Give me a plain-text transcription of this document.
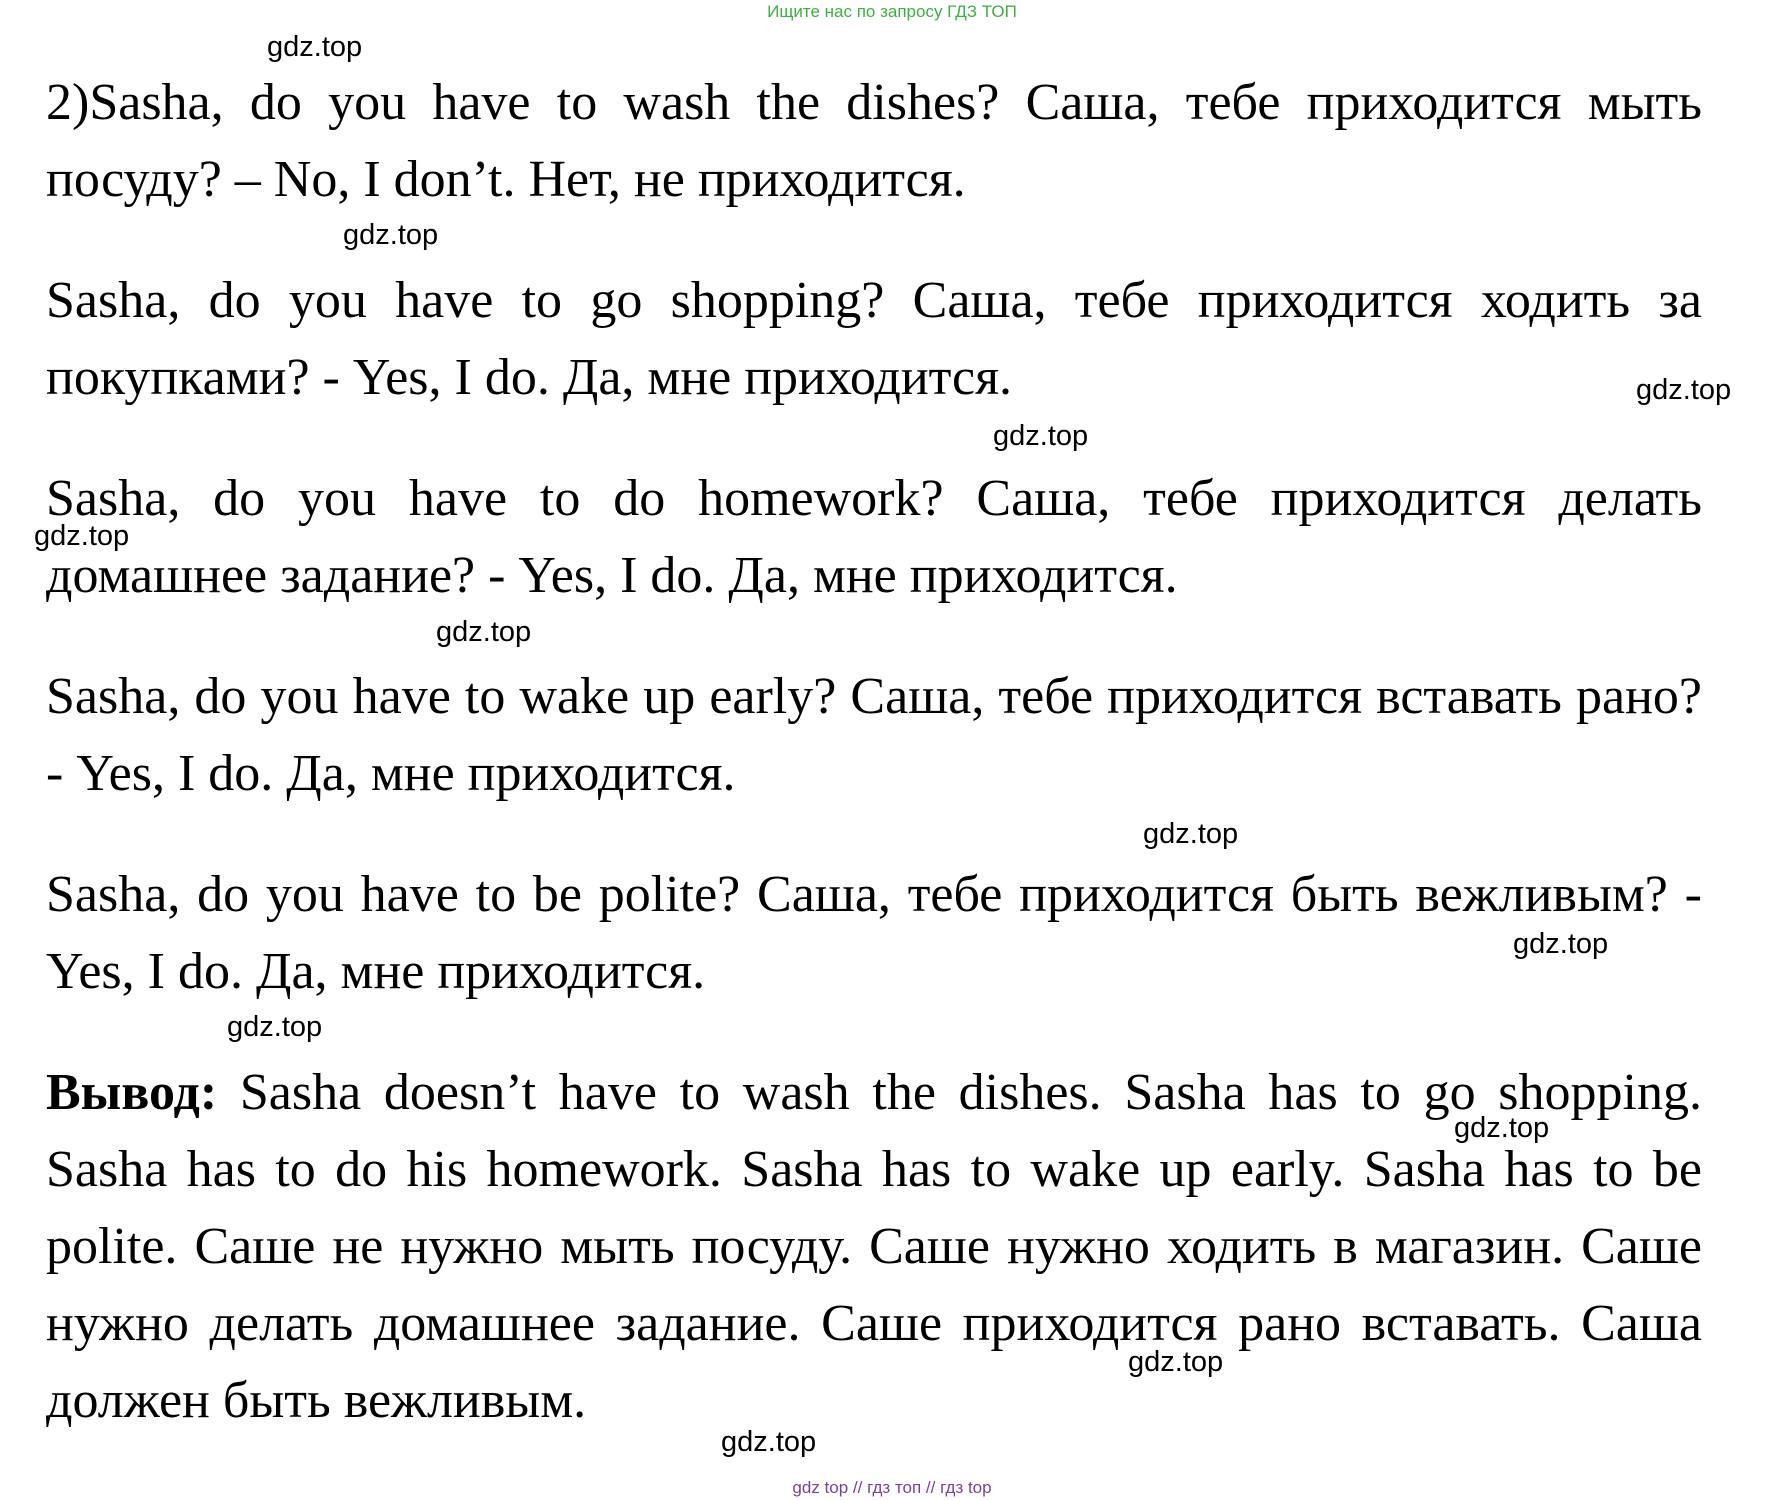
Ищите нас по запросу ГДЗ ТОП

2)Sasha, do you have to wash the dishes? Саша, тебе приходится мыть посуду? – No, I don’t. Нет, не приходится.

Sasha, do you have to go shopping? Саша, тебе приходится ходить за покупками? - Yes, I do. Да, мне приходится.

Sasha, do you have to do homework? Саша, тебе приходится делать домашнее задание? - Yes, I do. Да, мне приходится.

Sasha, do you have to wake up early? Саша, тебе приходится вставать рано? - Yes, I do. Да, мне приходится.

Sasha, do you have to be polite? Саша, тебе приходится быть вежливым? - Yes, I do. Да, мне приходится.

Вывод: Sasha doesn’t have to wash the dishes. Sasha has to go shopping. Sasha has to do his homework. Sasha has to wake up early. Sasha has to be polite. Саше не нужно мыть посуду. Саше нужно ходить в магазин. Саше нужно делать домашнее задание. Саше приходится рано вставать. Саша должен быть вежливым.

gdz.top
gdz.top
gdz.top
gdz.top
gdz.top
gdz.top
gdz.top
gdz.top
gdz.top
gdz.top
gdz.top
gdz.top
gdz top // гдз топ // гдз top
